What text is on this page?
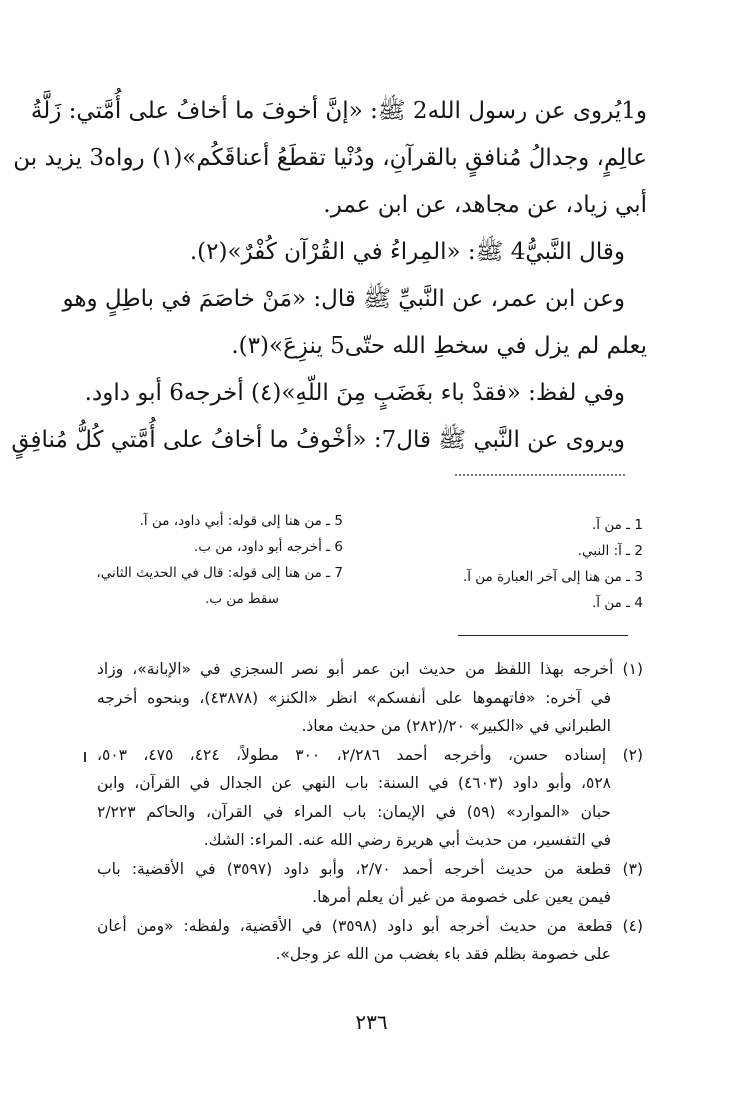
و1يُروى عن رسول الله2 ﷺ: «إنَّ أخوفَ ما أخافُ على أُمَّتي: زَلَّةُ
عالِمٍ، وجدالُ مُنافقٍ بالقرآنِ، ودُنْيا تقطَعُ أعناقَكُم»(١) رواه3 يزيد بن
أبي زياد، عن مجاهد، عن ابن عمر.
وقال النَّبيُّ4 ﷺ: «المِراءُ في القُرْآن كُفْرٌ»(٢).
وعن ابن عمر، عن النَّبيِّ ﷺ قال: «مَنْ خاصَمَ في باطِلٍ وهو
يعلم لم يزل في سخطِ الله حتّى5 ينزِعَ»(٣).
وفي لفظ: «فقدْ باء بغَضَبٍ مِنَ اللّهِ»(٤) أخرجه6 أبو داود.
ويروى عن النَّبي ﷺ قال7: «أخْوفُ ما أخافُ على أُمَّتي كُلُّ مُنافِقٍ
1 ـ من آ.
2 ـ آ: النبي.
3 ـ من هنا إلى آخر العبارة من آ.
4 ـ من آ.
5 ـ من هنا إلى قوله: أبي داود، من آ.
6 ـ أخرجه أبو داود، من ب.
7 ـ من هنا إلى قوله: قال في الحديث الثاني،
سقط من ب.
(١) أخرجه بهذا اللفظ من حديث ابن عمر أبو نصر السجزي في «الإبانة»، وزاد
في آخره: «فاتهموها على أنفسكم» انظر «الكنز» (٤٣٨٧٨)، وبنحوه أخرجه
الطبراني في «الكبير» ٢٠/(٢٨٢) من حديث معاذ.
(٢) إسناده حسن، وأخرجه أحمد ٢/٢٨٦، ٣٠٠ مطولاً، ٤٢٤، ٤٧٥، ٥٠٣،
٥٢٨، وأبو داود (٤٦٠٣) في السنة: باب النهي عن الجدال في القرآن، وابن
حبان «الموارد» (٥٩) في الإيمان: باب المراء في القرآن، والحاكم ٢/٢٢٣
في التفسير، من حديث أبي هريرة رضي الله عنه. المراء: الشك.
(٣) قطعة من حديث أخرجه أحمد ٢/٧٠، وأبو داود (٣٥٩٧) في الأقضية: باب
فيمن يعين على خصومة من غير أن يعلم أمرها.
(٤) قطعة من حديث أخرجه أبو داود (٣٥٩٨) في الأقضية، ولفظه: «ومن أعان
على خصومة بظلم فقد باء بغضب من الله عز وجل».
٢٣٦
